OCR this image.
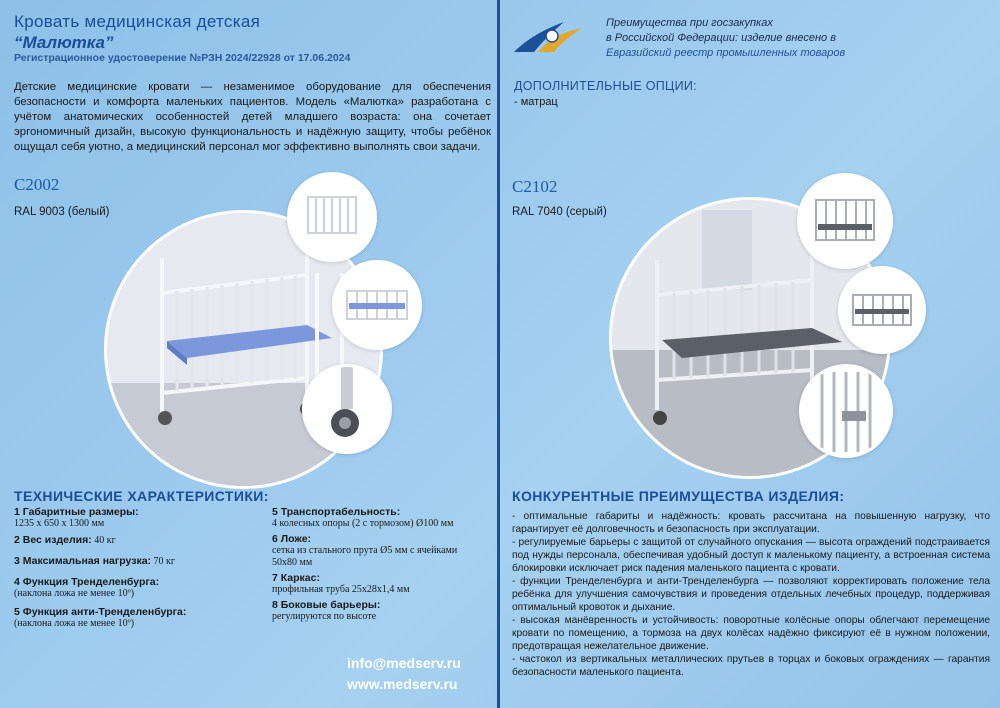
Кровать медицинская детская
“Малютка”
Регистрационное удостоверение №РЗН 2024/22928 от 17.06.2024
Детские медицинские кровати — незаменимое оборудование для обеспечения безопасности и комфорта маленьких пациентов. Модель «Малютка» разработана с учётом анатомических особенностей детей младшего возраста: она сочетает эргономичный дизайн, высокую функциональность и надёжную защиту, чтобы ребёнок ощущал себя уютно, а медицинский персонал мог эффективно выполнять свои задачи.
С2002
RAL 9003 (белый)
ТЕХНИЧЕСКИЕ ХАРАКТЕРИСТИКИ:
1 Габаритные размеры:
1235 х 650 х 1300 мм
2 Вес изделия: 40 кг
3 Максимальная нагрузка: 70 кг
4 Функция Тренделенбурга:
(наклона ложа не менее 10º)
5 Функция анти-Тренделенбурга:
(наклона ложа не менее 10º)
5 Транспортабельность:
4 колесных опоры (2 с тормозом) Ø100 мм
6 Ложе:
сетка из стального прута Ø5 мм с ячейками 50х80 мм
7 Каркас:
профильная труба 25х28х1,4 мм
8 Боковые барьеры:
регулируются по высоте
info@medserv.ru
www.medserv.ru
Преимущества при госзакупках
в Российской Федерации: изделие внесено в
Евразийский реестр промышленных товаров
ДОПОЛНИТЕЛЬНЫЕ ОПЦИИ:
- матрац
С2102
RAL 7040 (серый)
КОНКУРЕНТНЫЕ ПРЕИМУЩЕСТВА ИЗДЕЛИЯ:

- оптимальные габариты и надёжность: кровать рассчитана на повышенную нагрузку, что гарантирует её долговечность и безопасность при эксплуатации.

- регулируемые барьеры с защитой от случайного опускания — высота ограждений подстраивается под нужды персонала, обеспечивая удобный доступ к маленькому пациенту, а встроенная система блокировки исключает риск падения маленького пациента с кровати.

- функции Тренделенбурга и анти-Тренделенбурга — позволяют корректировать положение тела ребёнка для улучшения самочувствия и проведения отдельных лечебных процедур, поддерживая оптимальный кровоток и дыхание.

- высокая манёвренность и устойчивость: поворотные колёсные опоры облегчают перемещение кровати по помещению, а тормоза на двух колёсах надёжно фиксируют её в нужном положении, предотвращая нежелательное движение.

- частокол из вертикальных металлических прутьев в торцах и боковых ограждениях — гарантия безопасности маленького пациента.
